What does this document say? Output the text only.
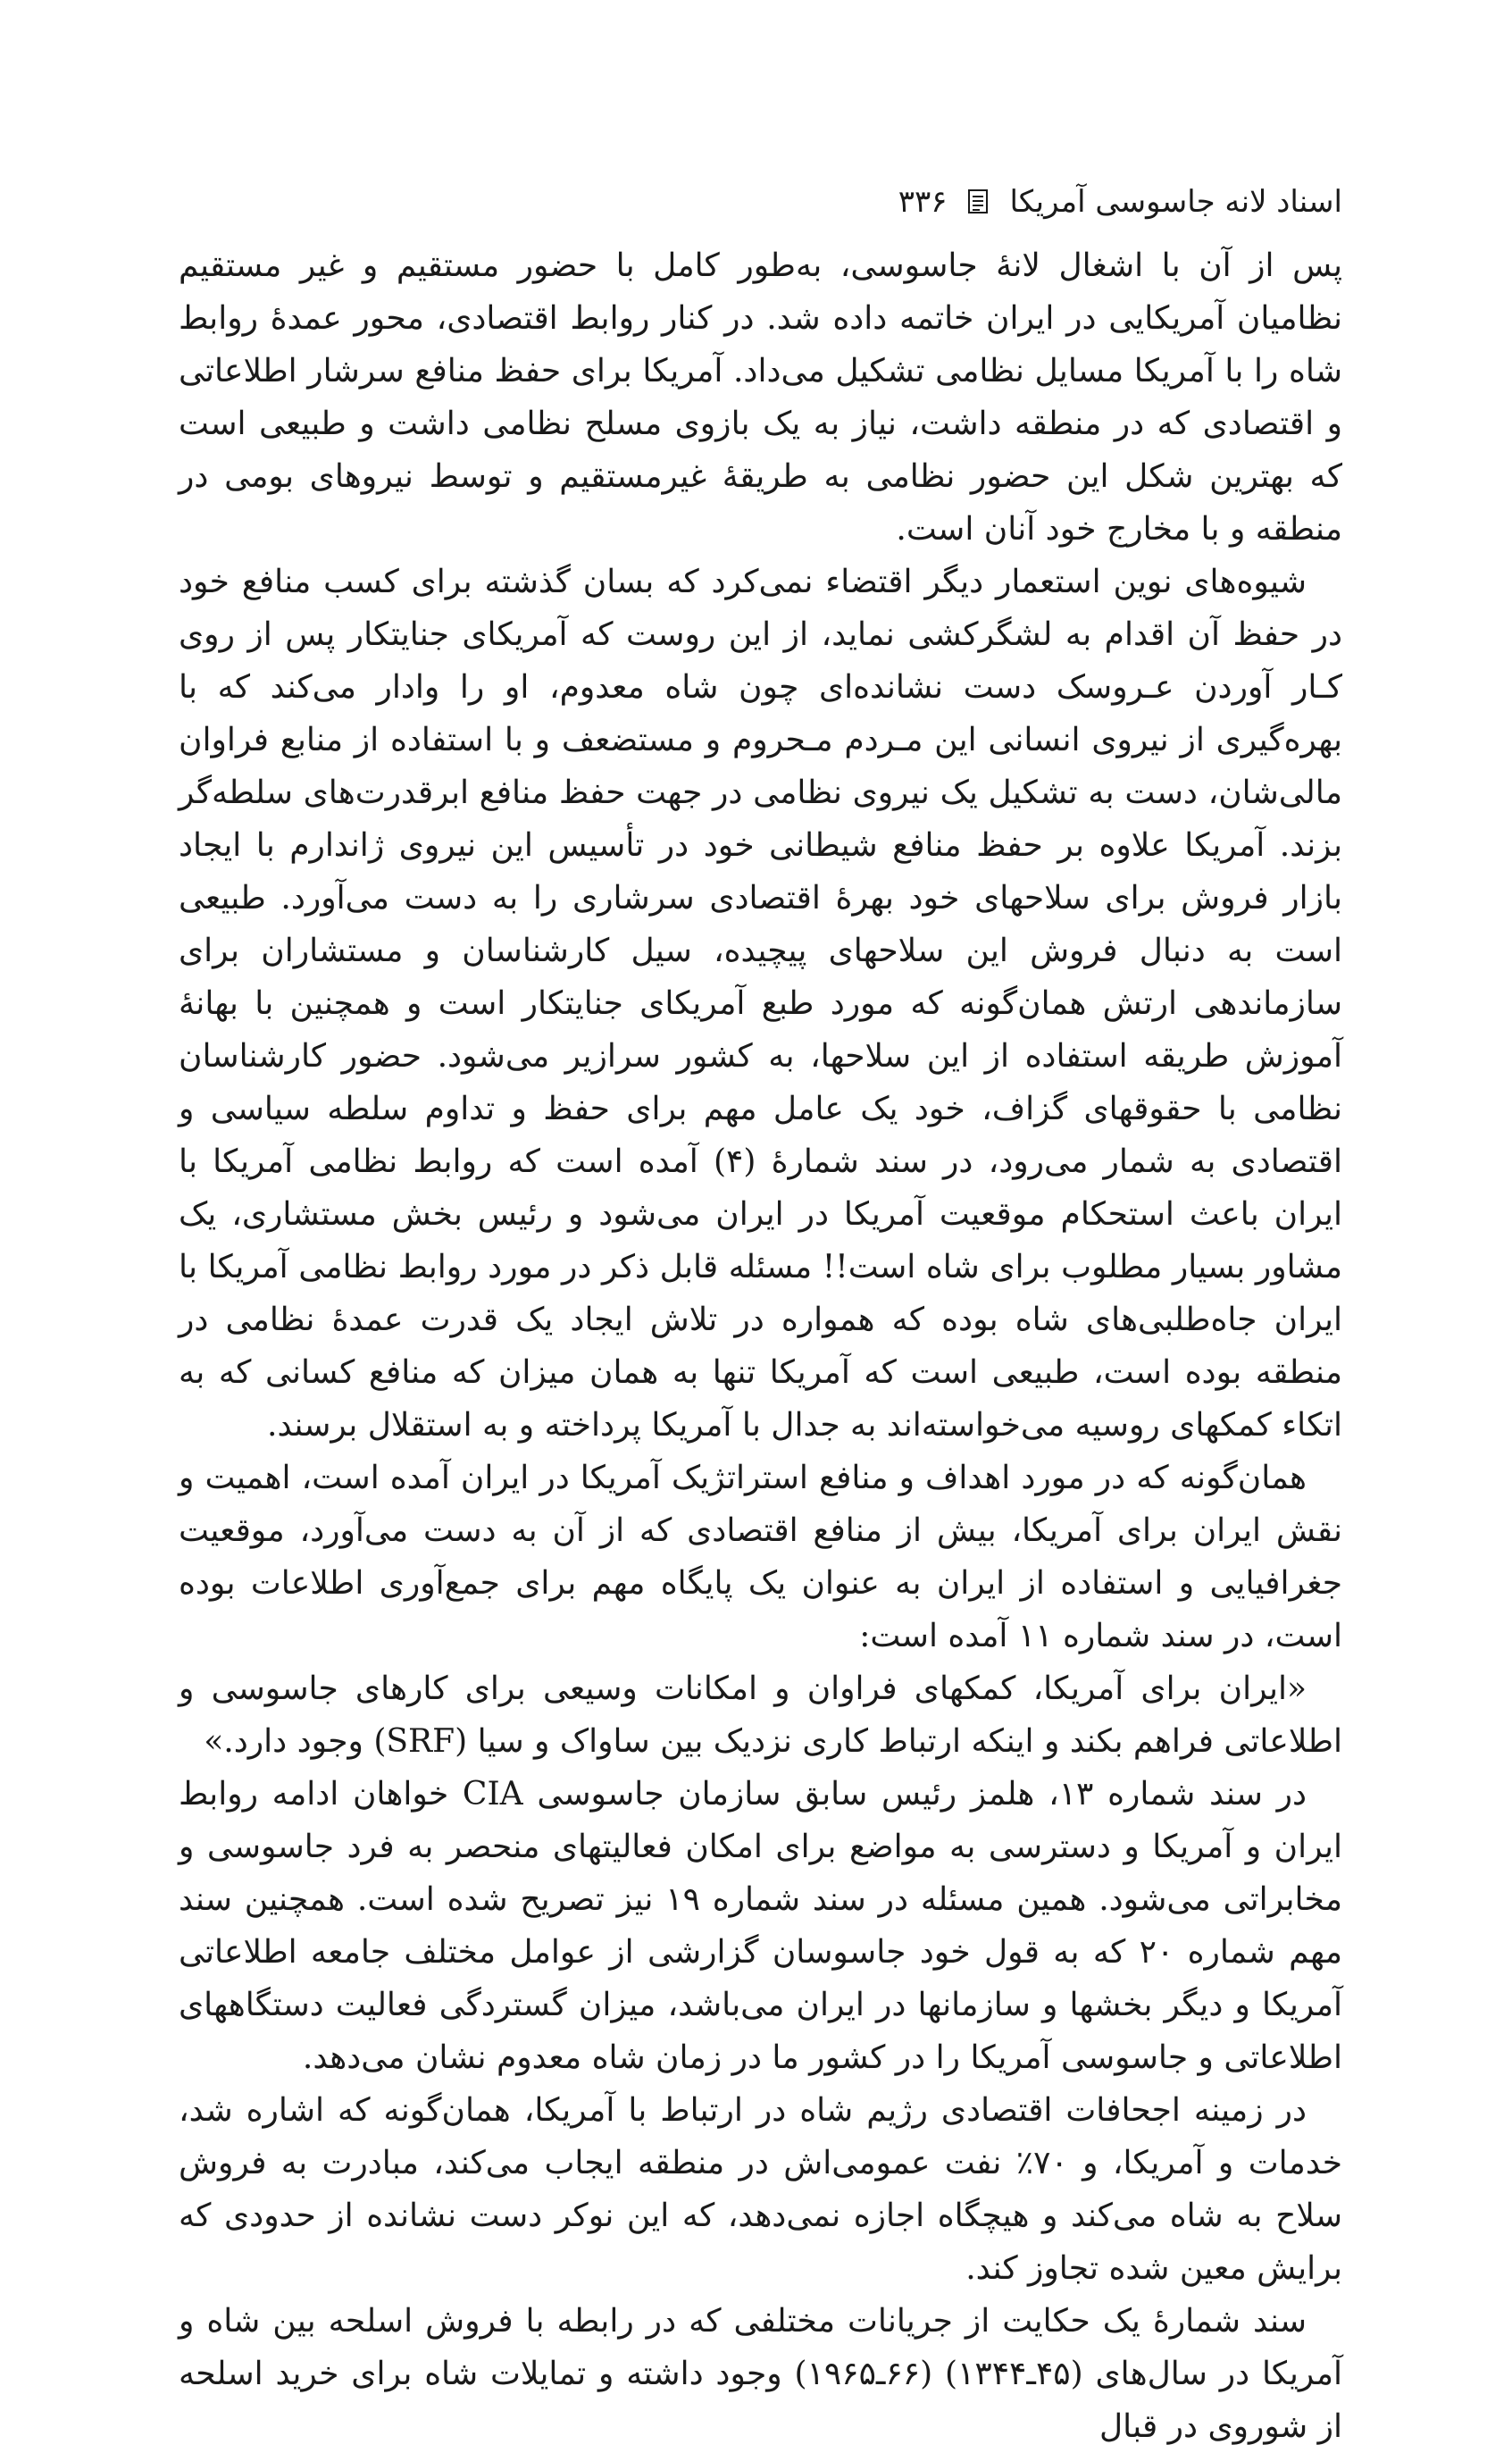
اسناد لانه جاسوسی آمریکا
۳۳۶

پس از آن با اشغال لانهٔ جاسوسی، به‌طور کامل با حضور مستقیم و غیر مستقیم نظامیان آمریکایی در ایران خاتمه داده شد. در کنار روابط اقتصادی، محور عمدهٔ روابط شاه را با آمریکا مسایل نظامی تشکیل می‌داد. آمریکا برای حفظ منافع سرشار اطلاعاتی و اقتصادی که در منطقه داشت، نیاز به یک بازوی مسلح نظامی داشت و طبیعی است که بهترین شکل این حضور نظامی به طریقهٔ غیرمستقیم و توسط نیروهای بومی در منطقه و با مخارج خود آنان است.

شیوه‌های نوین استعمار دیگر اقتضاء نمی‌کرد که بسان گذشته برای کسب منافع خود در حفظ آن اقدام به لشگرکشی نماید، از این روست که آمریکای جنایتکار پس از روی کـار آوردن عـروسک دست نشانده‌ای چون شاه معدوم، او را وادار می‌کند که با بهره‌گیری از نیروی انسانی این مـردم مـحروم و مستضعف و با استفاده از منابع فراوان مالی‌شان، دست به تشکیل یک نیروی نظامی در جهت حفظ منافع ابرقدرت‌های سلطه‌گر بزند. آمریکا علاوه بر حفظ منافع شیطانی خود در تأسیس این نیروی ژاندارم با ایجاد بازار فروش برای سلاحهای خود بهرهٔ اقتصادی سرشاری را به دست می‌آورد. طبیعی است به دنبال فروش این سلاحهای پیچیده، سیل کارشناسان و مستشاران برای سازماندهی ارتش همان‌گونه که مورد طبع آمریکای جنایتکار است و همچنین با بهانهٔ آموزش طریقه استفاده از این سلاحها، به کشور سرازیر می‌شود. حضور کارشناسان نظامی با حقوقهای گزاف، خود یک عامل مهم برای حفظ و تداوم سلطه سیاسی و اقتصادی به شمار می‌رود، در سند شمارهٔ (۴) آمده است که روابط نظامی آمریکا با ایران باعث استحکام موقعیت آمریکا در ایران می‌شود و رئیس بخش مستشاری، یک مشاور بسیار مطلوب برای شاه است!! مسئله قابل ذکر در مورد روابط نظامی آمریکا با ایران جاه‌طلبی‌های شاه بوده که همواره در تلاش ایجاد یک قدرت عمدهٔ نظامی در منطقه بوده است، طبیعی است که آمریکا تنها به همان میزان که منافع کسانی که به اتکاء کمکهای روسیه می‌خواسته‌اند به جدال با آمریکا پرداخته و به استقلال برسند.

همان‌گونه که در مورد اهداف و منافع استراتژیک آمریکا در ایران آمده است، اهمیت و نقش ایران برای آمریکا، بیش از منافع اقتصادی که از آن به دست می‌آورد، موقعیت جغرافیایی و استفاده از ایران به عنوان یک پایگاه مهم برای جمع‌آوری اطلاعات بوده است، در سند شماره ۱۱ آمده است:

«ایران برای آمریکا، کمکهای فراوان و امکانات وسیعی برای کارهای جاسوسی و اطلاعاتی فراهم بکند و اینکه ارتباط کاری نزدیک بین ساواک و سیا (SRF) وجود دارد.»

در سند شماره ۱۳، هلمز رئیس سابق سازمان جاسوسی CIA خواهان ادامه روابط ایران و آمریکا و دسترسی به مواضع برای امکان فعالیتهای منحصر به فرد جاسوسی و مخابراتی می‌شود. همین مسئله در سند شماره ۱۹ نیز تصریح شده است. همچنین سند مهم شماره ۲۰ که به قول خود جاسوسان گزارشی از عوامل مختلف جامعه اطلاعاتی آمریکا و دیگر بخشها و سازمانها در ایران می‌باشد، میزان گستردگی فعالیت دستگاههای اطلاعاتی و جاسوسی آمریکا را در کشور ما در زمان شاه معدوم نشان می‌دهد.

در زمینه اجحافات اقتصادی رژیم شاه در ارتباط با آمریکا، همان‌گونه که اشاره شد، خدمات و آمریکا، و ۷۰٪ نفت عمومی‌اش در منطقه ایجاب می‌کند، مبادرت به فروش سلاح به شاه می‌کند و هیچگاه اجازه نمی‌دهد، که این نوکر دست نشانده از حدودی که برایش معین شده تجاوز کند.

سند شمارهٔ یک حکایت از جریانات مختلفی که در رابطه با فروش اسلحه بین شاه و آمریکا در سال‌های (۴۵ـ۱۳۴۴) (۶۶ـ۱۹۶۵) وجود داشته و تمایلات شاه برای خرید اسلحه از شوروی در قبال
